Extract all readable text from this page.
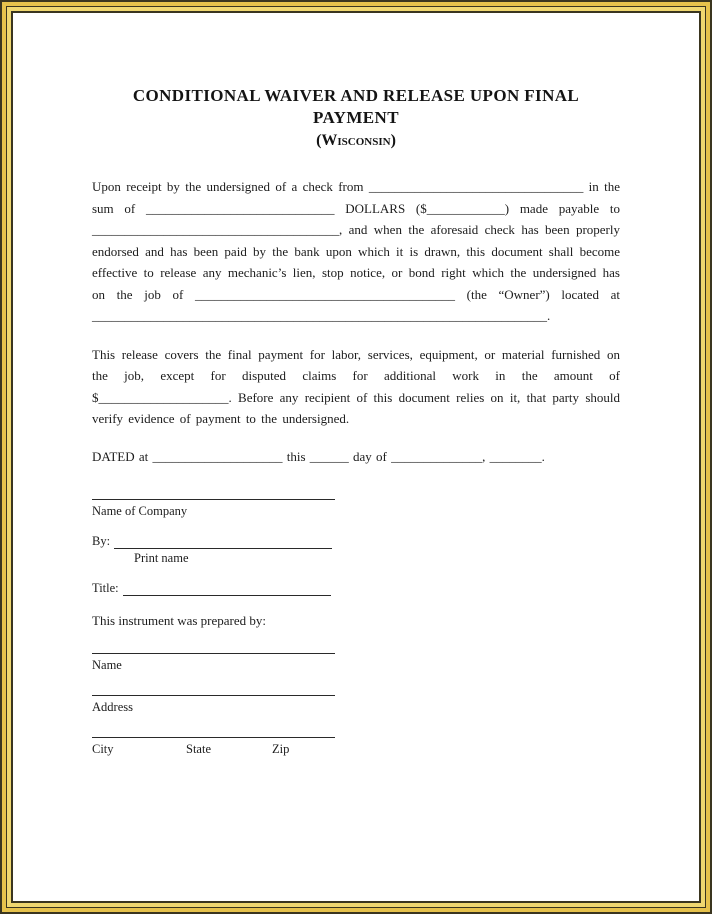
CONDITIONAL WAIVER AND RELEASE UPON FINAL PAYMENT
(Wisconsin)

Upon receipt by the undersigned of a check from _________________________________ in the sum of _____________________________ DOLLARS ($____________) made payable to ______________________________________, and when the aforesaid check has been properly endorsed and has been paid by the bank upon which it is drawn, this document shall become effective to release any mechanic’s lien, stop notice, or bond right which the undersigned has on the job of ________________________________________ (the “Owner”) located at ______________________________________________________________________.

This release covers the final payment for labor, services, equipment, or material furnished on the job, except for disputed claims for additional work in the amount of $____________________. Before any recipient of this document relies on it, that party should verify evidence of payment to the undersigned.

DATED at ____________________ this ______ day of ______________, ________.
Name of Company
By:
Print name
Title:
This instrument was prepared by:
Name
Address
City	State	Zip
